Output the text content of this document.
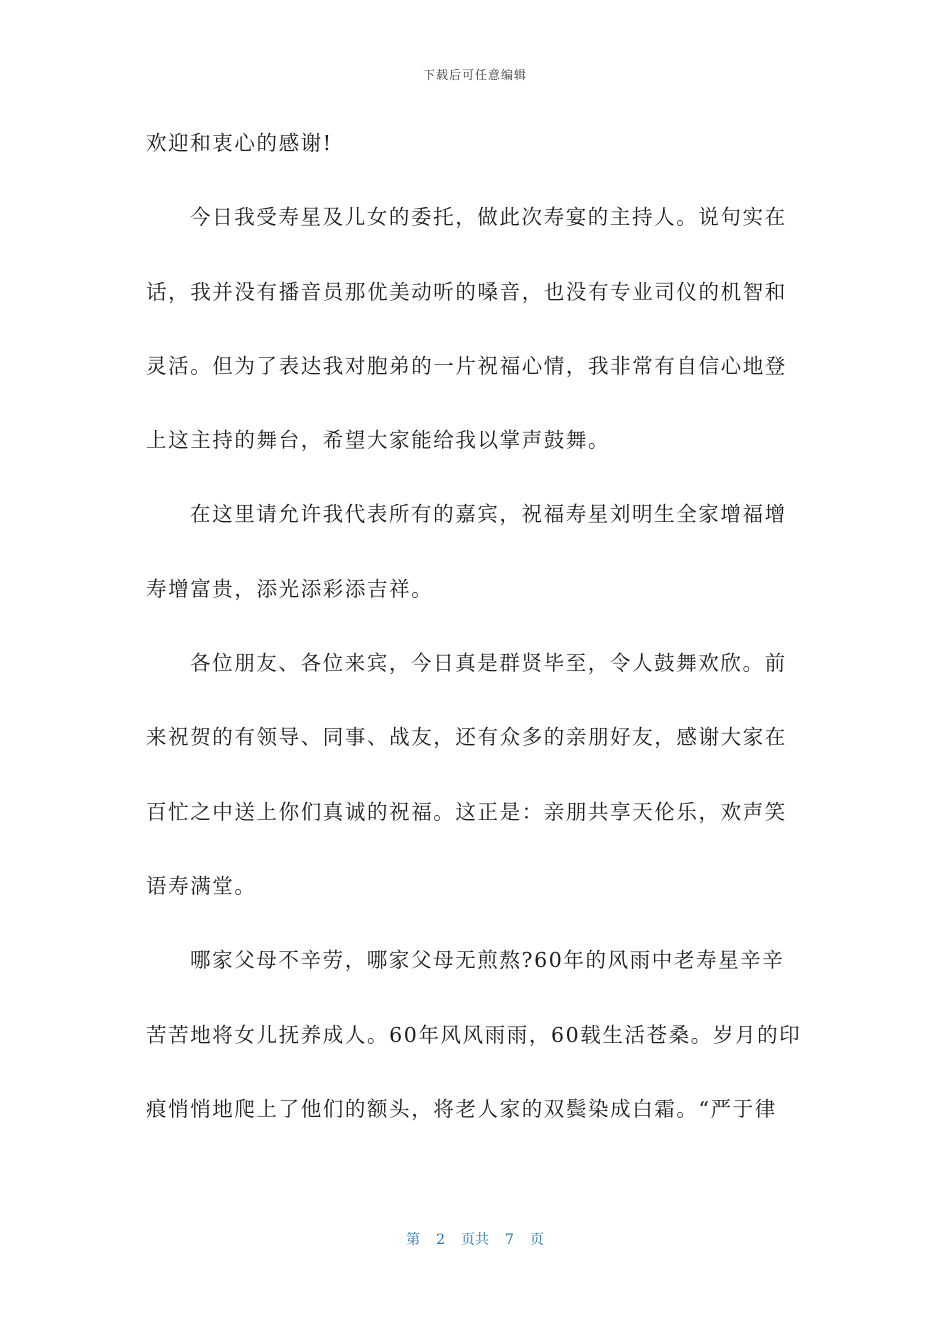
下载后可任意编辑
欢迎和衷心的感谢!
今日我受寿星及儿女的委托，做此次寿宴的主持人。说句实在
话，我并没有播音员那优美动听的嗓音，也没有专业司仪的机智和
灵活。但为了表达我对胞弟的一片祝福心情，我非常有自信心地登
上这主持的舞台，希望大家能给我以掌声鼓舞。
在这里请允许我代表所有的嘉宾，祝福寿星刘明生全家增福增
寿增富贵，添光添彩添吉祥。
各位朋友、各位来宾，今日真是群贤毕至，令人鼓舞欢欣。前
来祝贺的有领导、同事、战友，还有众多的亲朋好友，感谢大家在
百忙之中送上你们真诚的祝福。这正是：亲朋共享天伦乐，欢声笑
语寿满堂。
哪家父母不辛劳，哪家父母无煎熬?60年的风雨中老寿星辛辛
苦苦地将女儿抚养成人。60年风风雨雨，60载生活苍桑。岁月的印
痕悄悄地爬上了他们的额头，将老人家的双鬓染成白霜。“严于律
第 2 页共 7 页
